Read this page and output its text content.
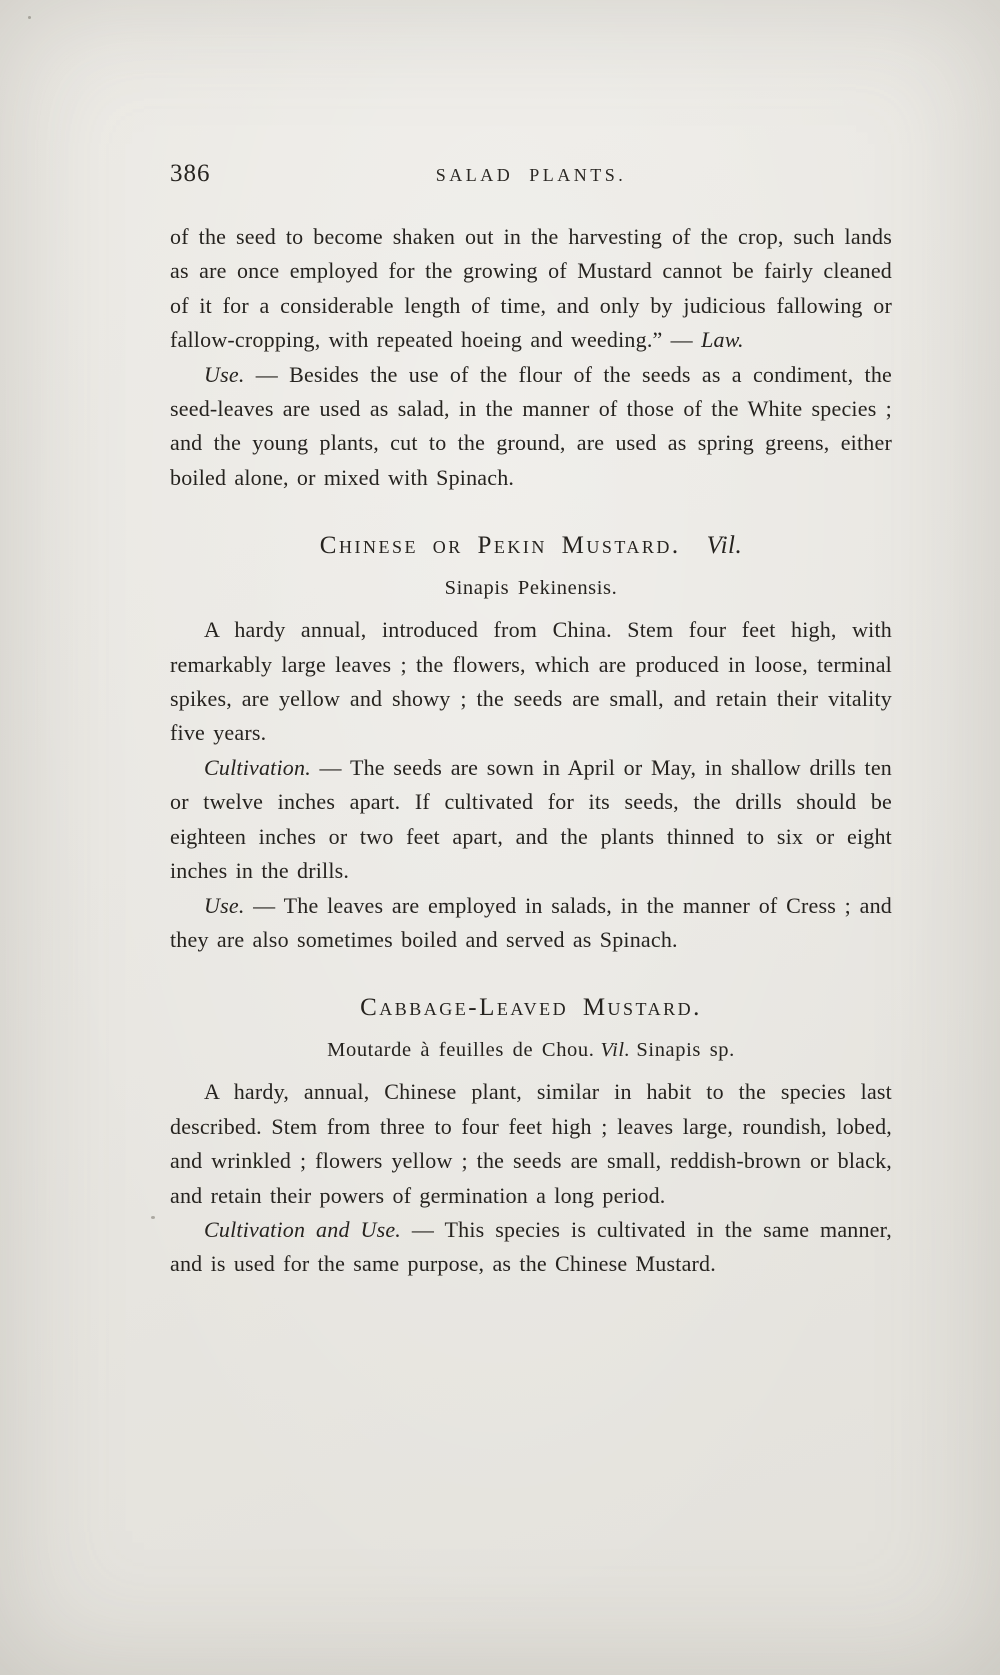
386	SALAD PLANTS.

of the seed to become shaken out in the harvesting of the crop, such lands as are once employed for the growing of Mustard cannot be fairly cleaned of it for a considerable length of time, and only by judicious fallowing or fallow-cropping, with repeated hoeing and weeding.” — Law.

Use. — Besides the use of the flour of the seeds as a condiment, the seed-leaves are used as salad, in the manner of those of the White species ; and the young plants, cut to the ground, are used as spring greens, either boiled alone, or mixed with Spinach.

Chinese or Pekin Mustard. Vil.
Sinapis Pekinensis.

A hardy annual, introduced from China. Stem four feet high, with remarkably large leaves ; the flowers, which are produced in loose, terminal spikes, are yellow and showy ; the seeds are small, and retain their vitality five years.

Cultivation. — The seeds are sown in April or May, in shallow drills ten or twelve inches apart. If cultivated for its seeds, the drills should be eighteen inches or two feet apart, and the plants thinned to six or eight inches in the drills.

Use. — The leaves are employed in salads, in the manner of Cress ; and they are also sometimes boiled and served as Spinach.

Cabbage-Leaved Mustard.
Moutarde à feuilles de Chou. Vil. Sinapis sp.

A hardy, annual, Chinese plant, similar in habit to the species last described. Stem from three to four feet high ; leaves large, roundish, lobed, and wrinkled ; flowers yellow ; the seeds are small, reddish-brown or black, and retain their powers of germination a long period.

Cultivation and Use. — This species is cultivated in the same manner, and is used for the same purpose, as the Chinese Mustard.
